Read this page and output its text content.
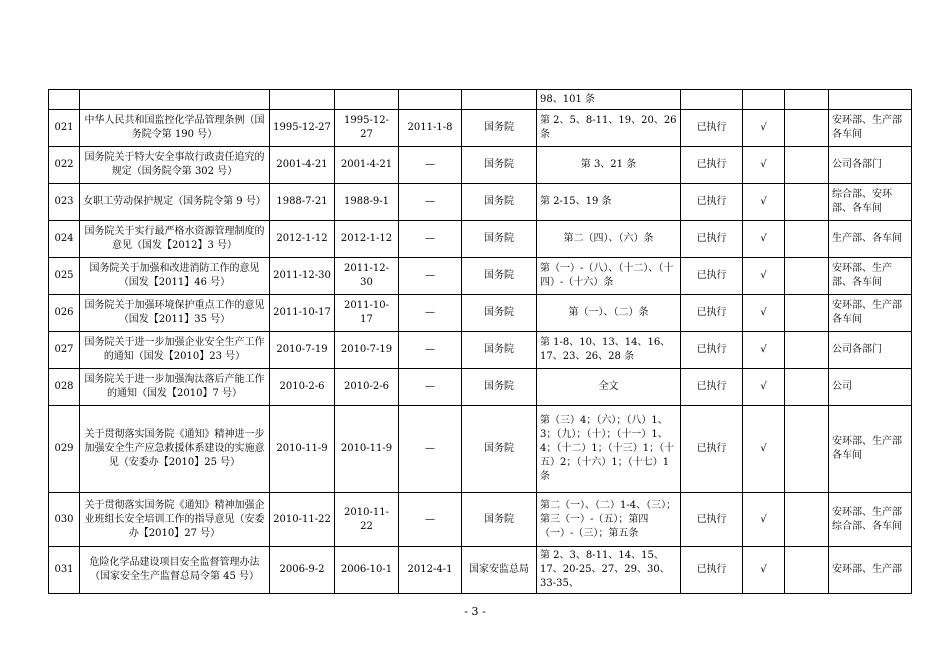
						98、101 条				
021	中华人民共和国监控化学品管理条例（国务院令第 190 号）	1995-12-27	1995-12-27	2011-1-8	国务院	第 2、5、8-11、19、20、26 条	已执行	√		安环部、生产部各车间
022	国务院关于特大安全事故行政责任追究的规定（国务院令第 302 号）	2001-4-21	2001-4-21	—	国务院	第 3、21 条	已执行	√		公司各部门
023	女职工劳动保护规定（国务院令第 9 号）	1988-7-21	1988-9-1	—	国务院	第 2-15、19 条	已执行	√		综合部、安环部、各车间
024	国务院关于实行最严格水资源管理制度的意见（国发【2012】3 号）	2012-1-12	2012-1-12	—	国务院	第二（四）、（六）条	已执行	√		生产部、各车间
025	国务院关于加强和改进消防工作的意见（国发【2011】46 号）	2011-12-30	2011-12-30	—	国务院	第（一）-（八）、（十二）、（十四）-（十六）条	已执行	√		安环部、生产部、各车间
026	国务院关于加强环境保护重点工作的意见（国发【2011】35 号）	2011-10-17	2011-10-17	—	国务院	第（一）、（二）条	已执行	√		安环部、生产部各车间
027	国务院关于进一步加强企业安全生产工作的通知（国发【2010】23 号）	2010-7-19	2010-7-19	—	国务院	第 1-8、10、13、14、16、17、23、26、28 条	已执行	√		公司各部门
028	国务院关于进一步加强淘汰落后产能工作的通知（国发【2010】7 号）	2010-2-6	2010-2-6	—	国务院	全文	已执行	√		公司
029	关于贯彻落实国务院《通知》精神进一步加强安全生产应急救援体系建设的实施意见（安委办【2010】25 号）	2010-11-9	2010-11-9	—	国务院	第（三）4；（六）；（八）1、3；（九）；（十）；（十一）1、4；（十二）1；（十三）1；（十五）2；（十六）1；（十七）1 条	已执行	√		安环部、生产部各车间
030	关于贯彻落实国务院《通知》精神加强企业班组长安全培训工作的指导意见（安委办【2010】27 号）	2010-11-22	2010-11-22	—	国务院	第二（一）、（二）1-4、（三）；第三（一）-（五）；第四（一）-（三）；第五条	已执行	√		安环部、生产部综合部、各车间
031	危险化学品建设项目安全监督管理办法（国家安全生产监督总局令第 45 号）	2006-9-2	2006-10-1	2012-4-1	国家安监总局	第 2、3、8-11、14、15、17、20-25、27、29、30、33-35、	已执行	√		安环部、生产部
- 3 -
